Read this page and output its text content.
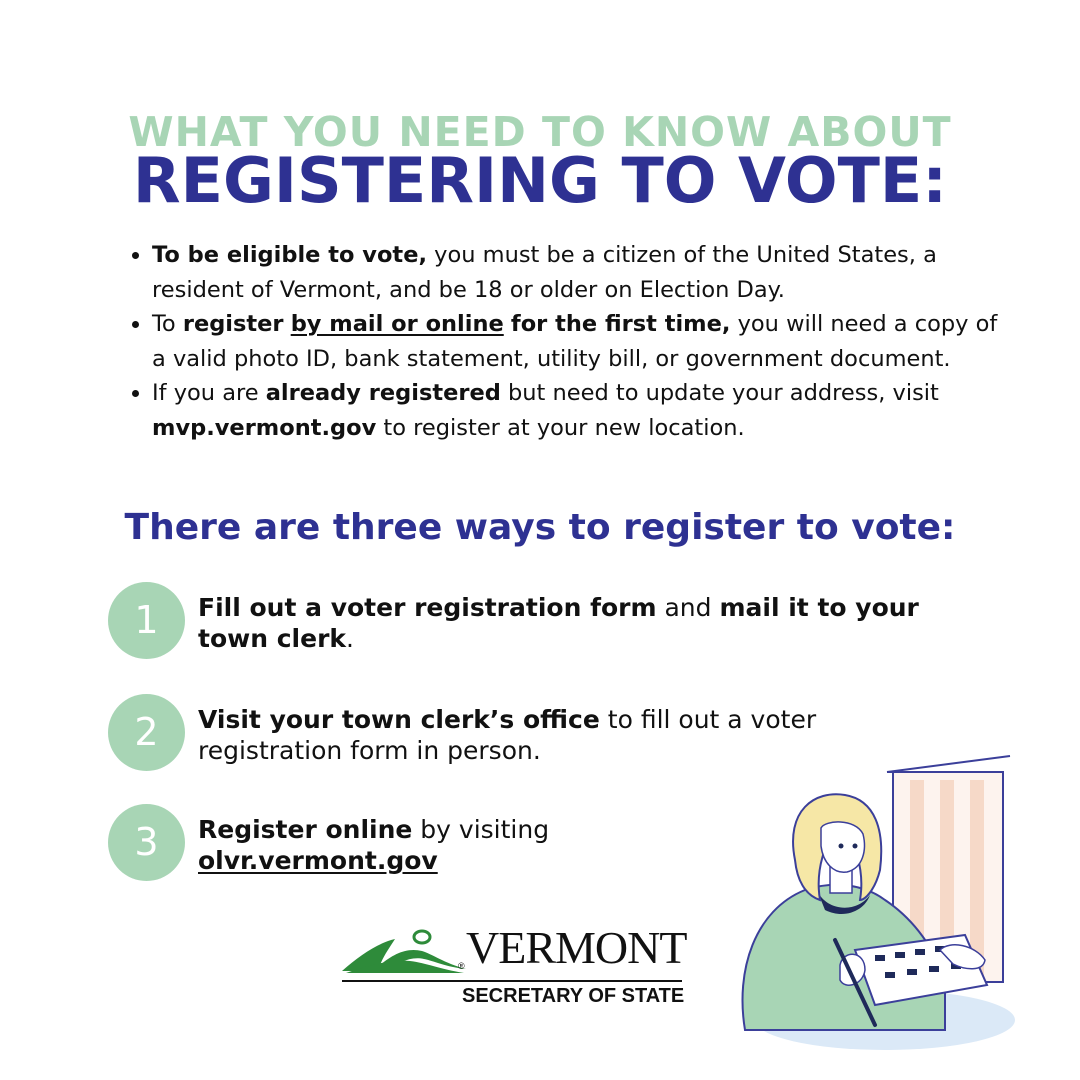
WHAT YOU NEED TO KNOW ABOUT
REGISTERING TO VOTE:
• To be eligible to vote, you must be a citizen of the United States, a resident of Vermont, and be 18 or older on Election Day.
• To register by mail or online for the first time, you will need a copy of a valid photo ID, bank statement, utility bill, or government document.
• If you are already registered but need to update your address, visit mvp.vermont.gov to register at your new location.
There are three ways to register to vote:
1	Fill out a voter registration form and mail it to your town clerk.
2	Visit your town clerk’s office to fill out a voter registration form in person.
3	Register online by visiting
olvr.vermont.gov
® VERMONT
SECRETARY OF STATE
